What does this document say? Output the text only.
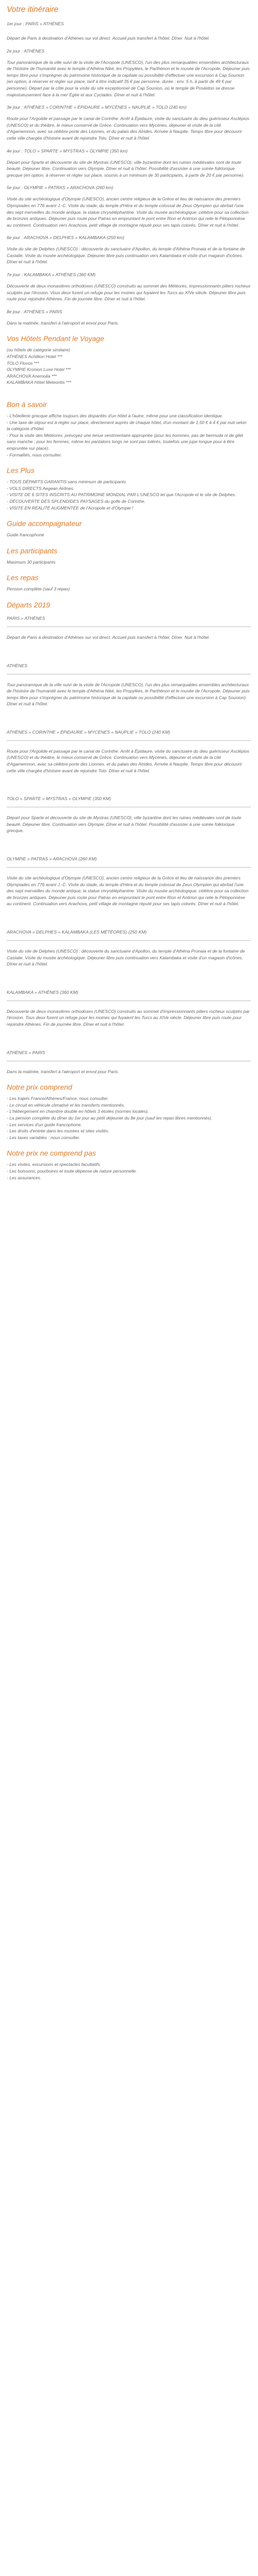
Votre itinéraire
1er jour : PARIS » ATHÈNES
Départ de Paris à destination d'Athènes sur vol direct. Accueil puis transfert à l'hôtel. Dîner. Nuit à l'hôtel.
2e jour : ATHÈNES
Tour panoramique de la ville suivi de la visite de l'Acropole (UNESCO), l'un des plus remarquables ensembles architecturaux de l'histoire de l'humanité avec le temple d'Athéna Niké, les Propylées, le Parthénon et le musée de l'Acropole. Déjeuner puis temps libre pour s'imprégner du patrimoine historique de la capitale ou possibilité d'effectuer une excursion à Cap Sounion (en option, à réserver et régler sur place, tarif à titre indicatif 35 € par personne, durée : env. 5 h, à partir de 49 € par personne). Départ par la côte pour la visite du site exceptionnel de Cap Sounion, où le temple de Poséidon se dresse majestueusement face à la mer Égée et aux Cyclades. Dîner et nuit à l'hôtel.
3e jour : ATHÈNES » CORINTHE » ÉPIDAURE » MYCÈNES » NAUPLIE » TOLO (240 km)
Route pour l'Argolide et passage par le canal de Corinthe. Arrêt à Épidaure, visite du sanctuaire du dieu guérisseur Asclépios (UNESCO) et du théâtre, le mieux conservé de Grèce. Continuation vers Mycènes, déjeuner et visite de la cité d'Agamemnon, avec sa célèbre porte des Lionnes, et du palais des Atrides. Arrivée à Nauplie. Temps libre pour découvrir cette ville chargée d'histoire avant de rejoindre Tolo. Dîner et nuit à l'hôtel.
4e jour : TOLO » SPARTE » MYSTRAS » OLYMPIE (350 km)
Départ pour Sparte et découverte du site de Mystras (UNESCO), ville byzantine dont les ruines médiévales sont de toute beauté. Déjeuner libre. Continuation vers Olympie. Dîner et nuit à l'hôtel. Possibilité d'assister à une soirée folklorique grecque (en option, à réserver et régler sur place, soumis à un minimum de 30 participants, à partir de 20 € par personne).
5e jour : OLYMPIE » PATRAS » ARACHOVA (260 km)
Visite du site archéologique d'Olympie (UNESCO), ancien centre religieux de la Grèce et lieu de naissance des premiers Olympiades en 776 avant J.-C. Visite du stade, du temple d'Héra et du temple colossal de Zeus Olympien qui abritait l'une des sept merveilles du monde antique, la statue chryséléphantine. Visite du musée archéologique, célèbre pour sa collection de bronzes antiques. Déjeuner puis route pour Patras en empruntant le pont entre Rion et Antirion qui relie le Péloponnèse au continent. Continuation vers Arachova, petit village de montagne réputé pour ses tapis colorés. Dîner et nuit à l'hôtel.
6e jour : ARACHOVA » DELPHES » KALAMBAKA (250 km)
Visite du site de Delphes (UNESCO) : découverte du sanctuaire d'Apollon, du temple d'Athéna Pronaia et de la fontaine de Castalie. Visite du musée archéologique. Déjeuner libre puis continuation vers Kalambaka et visite d'un magasin d'icônes. Dîner et nuit à l'hôtel.
7e jour : KALAMBAKA » ATHÈNES (360 KM)
Découverte de deux monastères orthodoxes (UNESCO) construits au sommet des Météores, impressionnants piliers rocheux sculptés par l'érosion. Vous deux furent un refuge pour les moines qui fuyaient les Turcs au XIVe siècle. Déjeuner libre puis route pour rejoindre Athènes. Fin de journée libre. Dîner et nuit à l'hôtel.
8e jour : ATHÈNES » PARIS
Dans la matinée, transfert à l'aéroport et envol pour Paris.
Vos Hôtels Pendant le Voyage
(ou hôtels de catégorie similaire)
ATHÈNES Achillion Hotel ***
TOLO Flovos ***
OLYMPIE Kronion Luxe Hotel ***
ARACHOVA Anemolia ***
KALAMBAKA Hôtel Meteoritis ***
Bon à savoir
- L'hôtellerie grecque affiche toujours des disparités d'un hôtel à l'autre, même pour une classification identique.
- Une taxe de séjour est à régler sur place, directement auprès de chaque hôtel, d'un montant de 1,50 € à 4 € par nuit selon la catégorie d'hôtel.
- Pour la visite des Météores, prévoyez une tenue vestimentaire appropriée (pour les hommes, pas de bermuda ni de gilet sans manche ; pour les femmes, même les pantalons longs ne sont pas tolérés, toutefois une jupe longue pour à être empruntée sur place).
- Formalités, nous consulter.
Les Plus
- TOUS DÉPARTS GARANTIS sans minimum de participants
- VOLS DIRECTS Aegean Airlines.
- VISITE DE 6 SITES INSCRITS AU PATRIMOINE MONDIAL PAR L'UNESCO tel que l'Acropole et le site de Delphes.
- DÉCOUVERTE DES SPLENDIDES PAYSAGES du golfe de Corinthe.
- VISITE EN RÉALITÉ AUGMENTÉE de l'Acropole et d'Olympie !
Guide accompagnateur
Guide francophone
Les participants
Maximum 30 participants
Les repas
Pension complète (sauf 3 repas)
Départs 2019
PARIS » ATHÈNES
Départ de Paris à destination d'Athènes sur vol direct. Accueil puis transfert à l'hôtel. Dîner. Nuit à l'hôtel.
ATHÈNES
Tour panoramique de la ville suivi de la visite de l'Acropole (UNESCO), l'un des plus remarquables ensembles architecturaux de l'histoire de l'humanité avec le temple d'Athéna Niké, les Propylées, le Parthénon et le musée de l'Acropole. Déjeuner puis temps libre pour s'imprégner du patrimoine historique de la capitale ou possibilité d'effectuer une excursion à Cap Sounion). Dîner et nuit à l'hôtel.
ATHÈNES » CORINTHE » ÉPIDAURE » MYCÈNES » NAUPLIE » TOLO (240 KM)
Route pour l'Argolide et passage par le canal de Corinthe. Arrêt à Épidaure, visite du sanctuaire du dieu guérisseur Asclépios (UNESCO) et du théâtre, le mieux conservé de Grèce. Continuation vers Mycènes, déjeuner et visite de la cité d'Agamemnon, avec sa célèbre porte des Lionnes, et du palais des Atrides. Arrivée à Nauplie. Temps libre pour découvrir cette ville chargée d'histoire avant de rejoindre Tolo. Dîner et nuit à l'hôtel.
TOLO » SPARTE » MYSTRAS » OLYMPIE (350 KM)
Départ pour Sparte et découverte du site de Mystras (UNESCO), ville byzantine dont les ruines médiévales sont de toute beauté. Déjeuner libre. Continuation vers Olympie. Dîner et nuit à l'hôtel. Possibilité d'assister à une soirée folklorique grecque.
OLYMPIE » PATRAS » ARACHOVA (260 KM)
Visite du site archéologique d'Olympie (UNESCO), ancien centre religieux de la Grèce et lieu de naissance des premiers Olympiades en 776 avant J.-C. Visite du stade, du temple d'Héra et du temple colossal de Zeus Olympien qui abritait l'une des sept merveilles du monde antique, la statue chryséléphantine. Visite du musée archéologique, célèbre pour sa collection de bronzes antiques. Déjeuner puis route pour Patras en empruntant le pont entre Rion et Antirion qui relie le Péloponnèse au continent. Continuation vers Arachova, petit village de montagne réputé pour ses tapis colorés. Dîner et nuit à l'hôtel.
ARACHOVA » DELPHES » KALAMBAKA (LES MÉTÉORES) (250 KM)
Visite du site de Delphes (UNESCO) : découverte du sanctuaire d'Apollon, du temple d'Athéna Pronaia et de la fontaine de Castalie. Visite du musée archéologique. Déjeuner libre puis continuation vers Kalambaka et visite d'un magasin d'icônes. Dîner et nuit à l'hôtel.
KALAMBAKA » ATHÈNES (360 KM)
Découverte de deux monastères orthodoxes (UNESCO) construits au sommet d'impressionnants piliers rocheux sculptés par l'érosion. Tous deux furent un refuge pour les moines qui fuyaient les Turcs au XIVe siècle. Déjeuner libre puis route pour rejoindre Athènes. Fin de journée libre. Dîner et nuit à l'hôtel.
ATHÈNES » PARIS
Dans la matinée, transfert à l'aéroport et envol pour Paris.
Notre prix comprend
- Les trajets France/Athènes/France, nous consulter.
- Le circuit en véhicule climatisé et les transferts mentionnés.
- L'hébergement en chambre double en hôtels 3 étoiles (normes locales).
- La pension complète du dîner du 1er jour au petit déjeuner du 8e jour (sauf les repas libres mentionnés).
- Les services d'un guide francophone.
- Les droits d'entrée dans les musées et sites visités.
- Les taxes variables : nous consulter.
Notre prix ne comprend pas
- Les visites, excursions et spectacles facultatifs.
- Les boissons, pourboires et toute dépense de nature personnelle.
- Les assurances.
